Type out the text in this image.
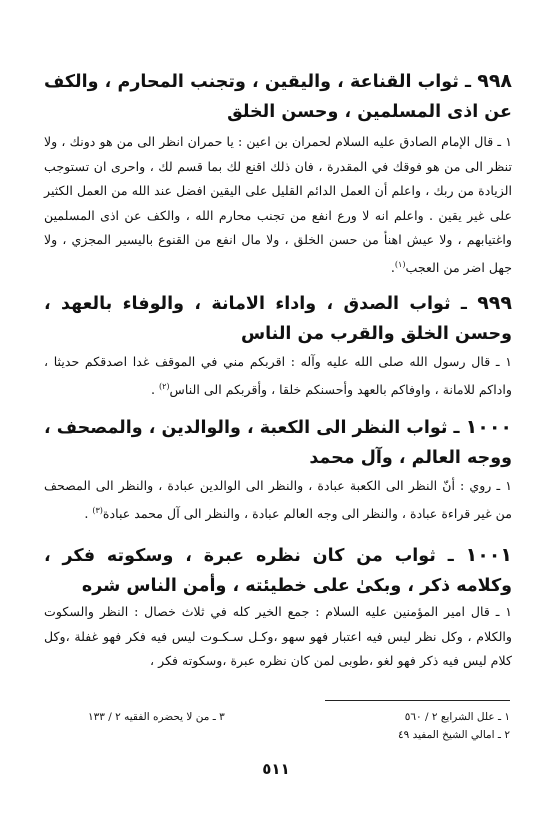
٩٩٨ ـ ثواب القناعة ، واليقين ، وتجنب المحارم ، والكف عن اذى المسلمين ، وحسن الخلق
١ ـ قال الإمام الصادق عليه السلام لحمران بن اعين : يا حمران انظر الى من هو دونك ، ولا تنظر الى من هو فوقك في المقدرة ، فان ذلك اقنع لك بما قسم لك ، واحرى ان تستوجب الزيادة من ربك ، واعلم أن العمل الدائم القليل على اليقين افضل عند الله من العمل الكثير على غير يقين . واعلم انه لا ورع انفع من تجنب محارم الله ، والكف عن اذى المسلمين واغتيابهم ، ولا عيش اهنأ من حسن الخلق ، ولا مال انفع من القنوع باليسير المجزي ، ولا جهل اضر من العجب$^{(١)}$.
٩٩٩ ـ ثواب الصدق ، واداء الامانة ، والوفاء بالعهد ، وحسن الخلق والقرب من الناس
١ ـ قال رسول الله صلى الله عليه وآله : اقربكم مني في الموقف غدا اصدقكم حديثا ، واداكم للامانة ، واوفاكم بالعهد وأحسنكم خلقا ، وأقربكم الى الناس$^{(٢)}$ .
١٠٠٠ ـ ثواب النظر الى الكعبة ، والوالدين ، والمصحف ، ووجه العالم ، وآل محمد
١ ـ روي : أنّ النظر الى الكعبة عبادة ، والنظر الى الوالدين عبادة ، والنظر الى المصحف من غير قراءة عبادة ، والنظر الى وجه العالم عبادة ، والنظر الى آل محمد عبادة$^{(٣)}$ .
١٠٠١ ـ ثواب من كان نظره عبرة ، وسكوته فكر ، وكلامه ذكر ، وبكىٰ على خطيئته ، وأمن الناس شره
١ ـ قال امير المؤمنين عليه السلام : جمع الخير كله في ثلاث خصال : النظر والسكوت والكلام ، وكل نظر ليس فيه اعتبار فهو سهو ،وكـل سـكـوت ليس فيه فكر فهو غفلة ،وكل كلام ليس فيه ذكر فهو لغو ،طوبى لمن كان نظره عبرة ،وسكوته فكر ،
١ ـ علل الشرايع ٢ / ٥٦٠
٢ ـ امالي الشيخ المفيد ٤٩
٣ ـ من لا يحضره الفقيه ٢ / ١٣٣
٥١١
